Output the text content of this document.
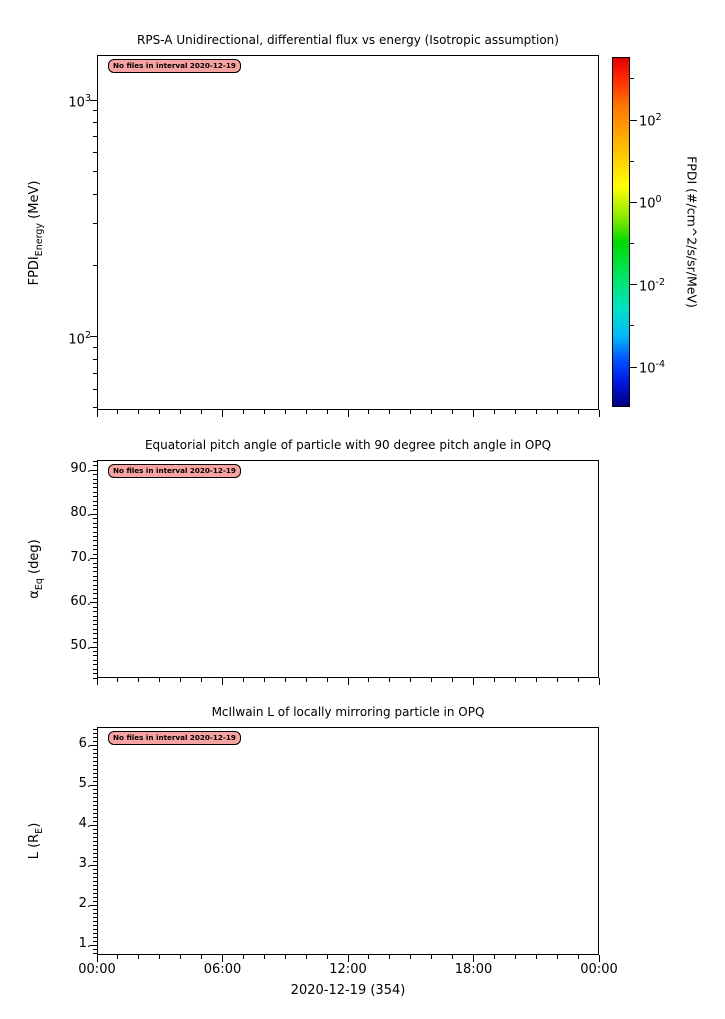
RPS-A Unidirectional, differential flux vs energy (Isotropic assumption)
$10^3$
$10^2$
No files in interval 2020-12-19
$FPDI_{Energy}$ (MeV)
Equatorial pitch angle of particle with 90 degree pitch angle in OPQ
90.
80.
70.
60.
50.
No files in interval 2020-12-19
$\alpha_{Eq}$ (deg)
McIlwain L of locally mirroring particle in OPQ
6.
5.
4.
3.
2.
1.
No files in interval 2020-12-19
L $(R_E)$
00:00	06:00	12:00	18:00	00:00
2020-12-19 (354)
$10^2$
$10^0$
$10^{-2}$
$10^{-4}$
FPDI (#/cm^2/s/sr/MeV)
